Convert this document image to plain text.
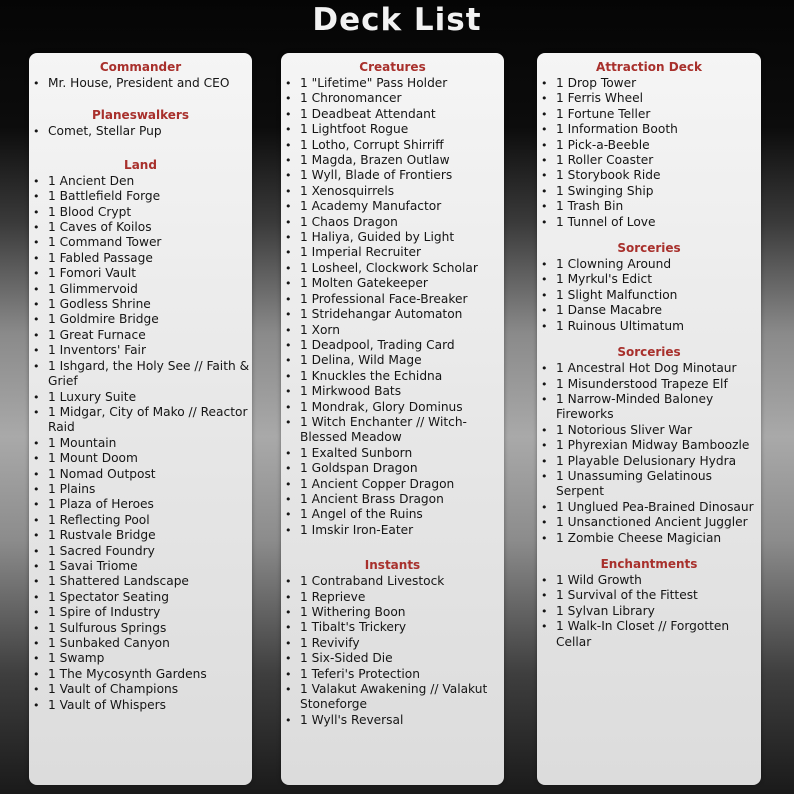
Deck List
Commander
• Mr. House, President and CEO
Planeswalkers
• Comet, Stellar Pup
Land
• 1 Ancient Den
• 1 Battlefield Forge
• 1 Blood Crypt
• 1 Caves of Koilos
• 1 Command Tower
• 1 Fabled Passage
• 1 Fomori Vault
• 1 Glimmervoid
• 1 Godless Shrine
• 1 Goldmire Bridge
• 1 Great Furnace
• 1 Inventors' Fair
• 1 Ishgard, the Holy See // Faith & Grief
• 1 Luxury Suite
• 1 Midgar, City of Mako // Reactor Raid
• 1 Mountain
• 1 Mount Doom
• 1 Nomad Outpost
• 1 Plains
• 1 Plaza of Heroes
• 1 Reflecting Pool
• 1 Rustvale Bridge
• 1 Sacred Foundry
• 1 Savai Triome
• 1 Shattered Landscape
• 1 Spectator Seating
• 1 Spire of Industry
• 1 Sulfurous Springs
• 1 Sunbaked Canyon
• 1 Swamp
• 1 The Mycosynth Gardens
• 1 Vault of Champions
• 1 Vault of Whispers
Creatures
• 1 "Lifetime" Pass Holder
• 1 Chronomancer
• 1 Deadbeat Attendant
• 1 Lightfoot Rogue
• 1 Lotho, Corrupt Shirriff
• 1 Magda, Brazen Outlaw
• 1 Wyll, Blade of Frontiers
• 1 Xenosquirrels
• 1 Academy Manufactor
• 1 Chaos Dragon
• 1 Haliya, Guided by Light
• 1 Imperial Recruiter
• 1 Losheel, Clockwork Scholar
• 1 Molten Gatekeeper
• 1 Professional Face-Breaker
• 1 Stridehangar Automaton
• 1 Xorn
• 1 Deadpool, Trading Card
• 1 Delina, Wild Mage
• 1 Knuckles the Echidna
• 1 Mirkwood Bats
• 1 Mondrak, Glory Dominus
• 1 Witch Enchanter // Witch-Blessed Meadow
• 1 Exalted Sunborn
• 1 Goldspan Dragon
• 1 Ancient Copper Dragon
• 1 Ancient Brass Dragon
• 1 Angel of the Ruins
• 1 Imskir Iron-Eater
Instants
• 1 Contraband Livestock
• 1 Reprieve
• 1 Withering Boon
• 1 Tibalt's Trickery
• 1 Revivify
• 1 Six-Sided Die
• 1 Teferi's Protection
• 1 Valakut Awakening // Valakut Stoneforge
• 1 Wyll's Reversal
Attraction Deck
• 1 Drop Tower
• 1 Ferris Wheel
• 1 Fortune Teller
• 1 Information Booth
• 1 Pick-a-Beeble
• 1 Roller Coaster
• 1 Storybook Ride
• 1 Swinging Ship
• 1 Trash Bin
• 1 Tunnel of Love
Sorceries
• 1 Clowning Around
• 1 Myrkul's Edict
• 1 Slight Malfunction
• 1 Danse Macabre
• 1 Ruinous Ultimatum
Sorceries
• 1 Ancestral Hot Dog Minotaur
• 1 Misunderstood Trapeze Elf
• 1 Narrow-Minded Baloney Fireworks
• 1 Notorious Sliver War
• 1 Phyrexian Midway Bamboozle
• 1 Playable Delusionary Hydra
• 1 Unassuming Gelatinous Serpent
• 1 Unglued Pea-Brained Dinosaur
• 1 Unsanctioned Ancient Juggler
• 1 Zombie Cheese Magician
Enchantments
• 1 Wild Growth
• 1 Survival of the Fittest
• 1 Sylvan Library
• 1 Walk-In Closet // Forgotten Cellar
